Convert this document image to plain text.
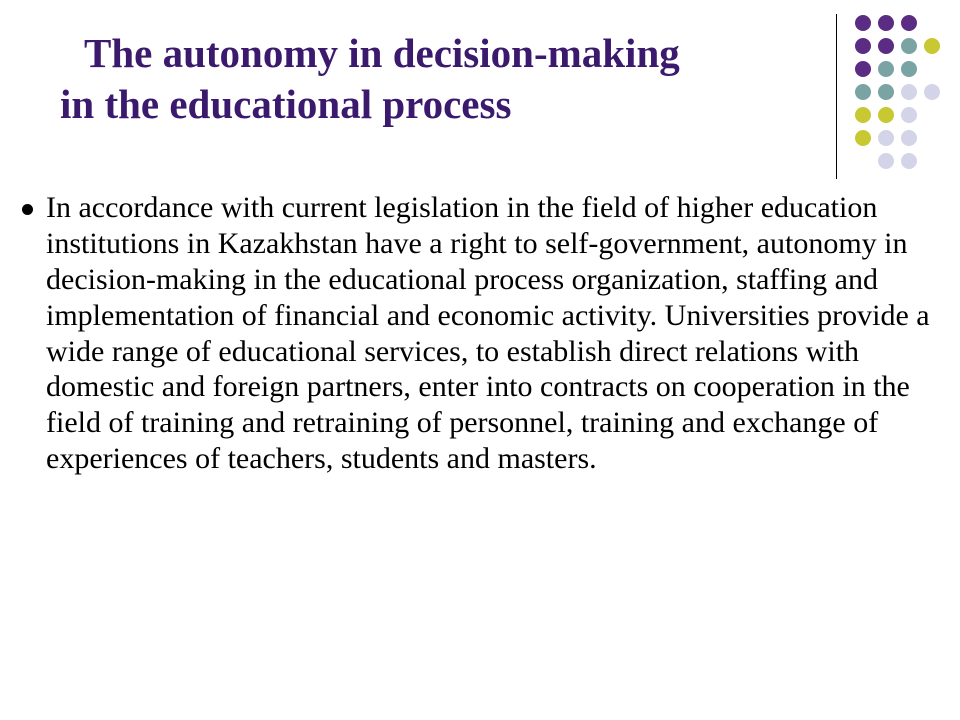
The autonomy in decision-making
in the educational process
In accordance with current legislation in the field of higher education institutions in Kazakhstan have a right to self-government, autonomy in decision-making in the educational process organization, staffing and implementation of financial and economic activity. Universities provide a wide range of educational services, to establish direct relations with domestic and foreign partners, enter into contracts on cooperation in the field of training and retraining of personnel, training and exchange of experiences of teachers, students and masters.
